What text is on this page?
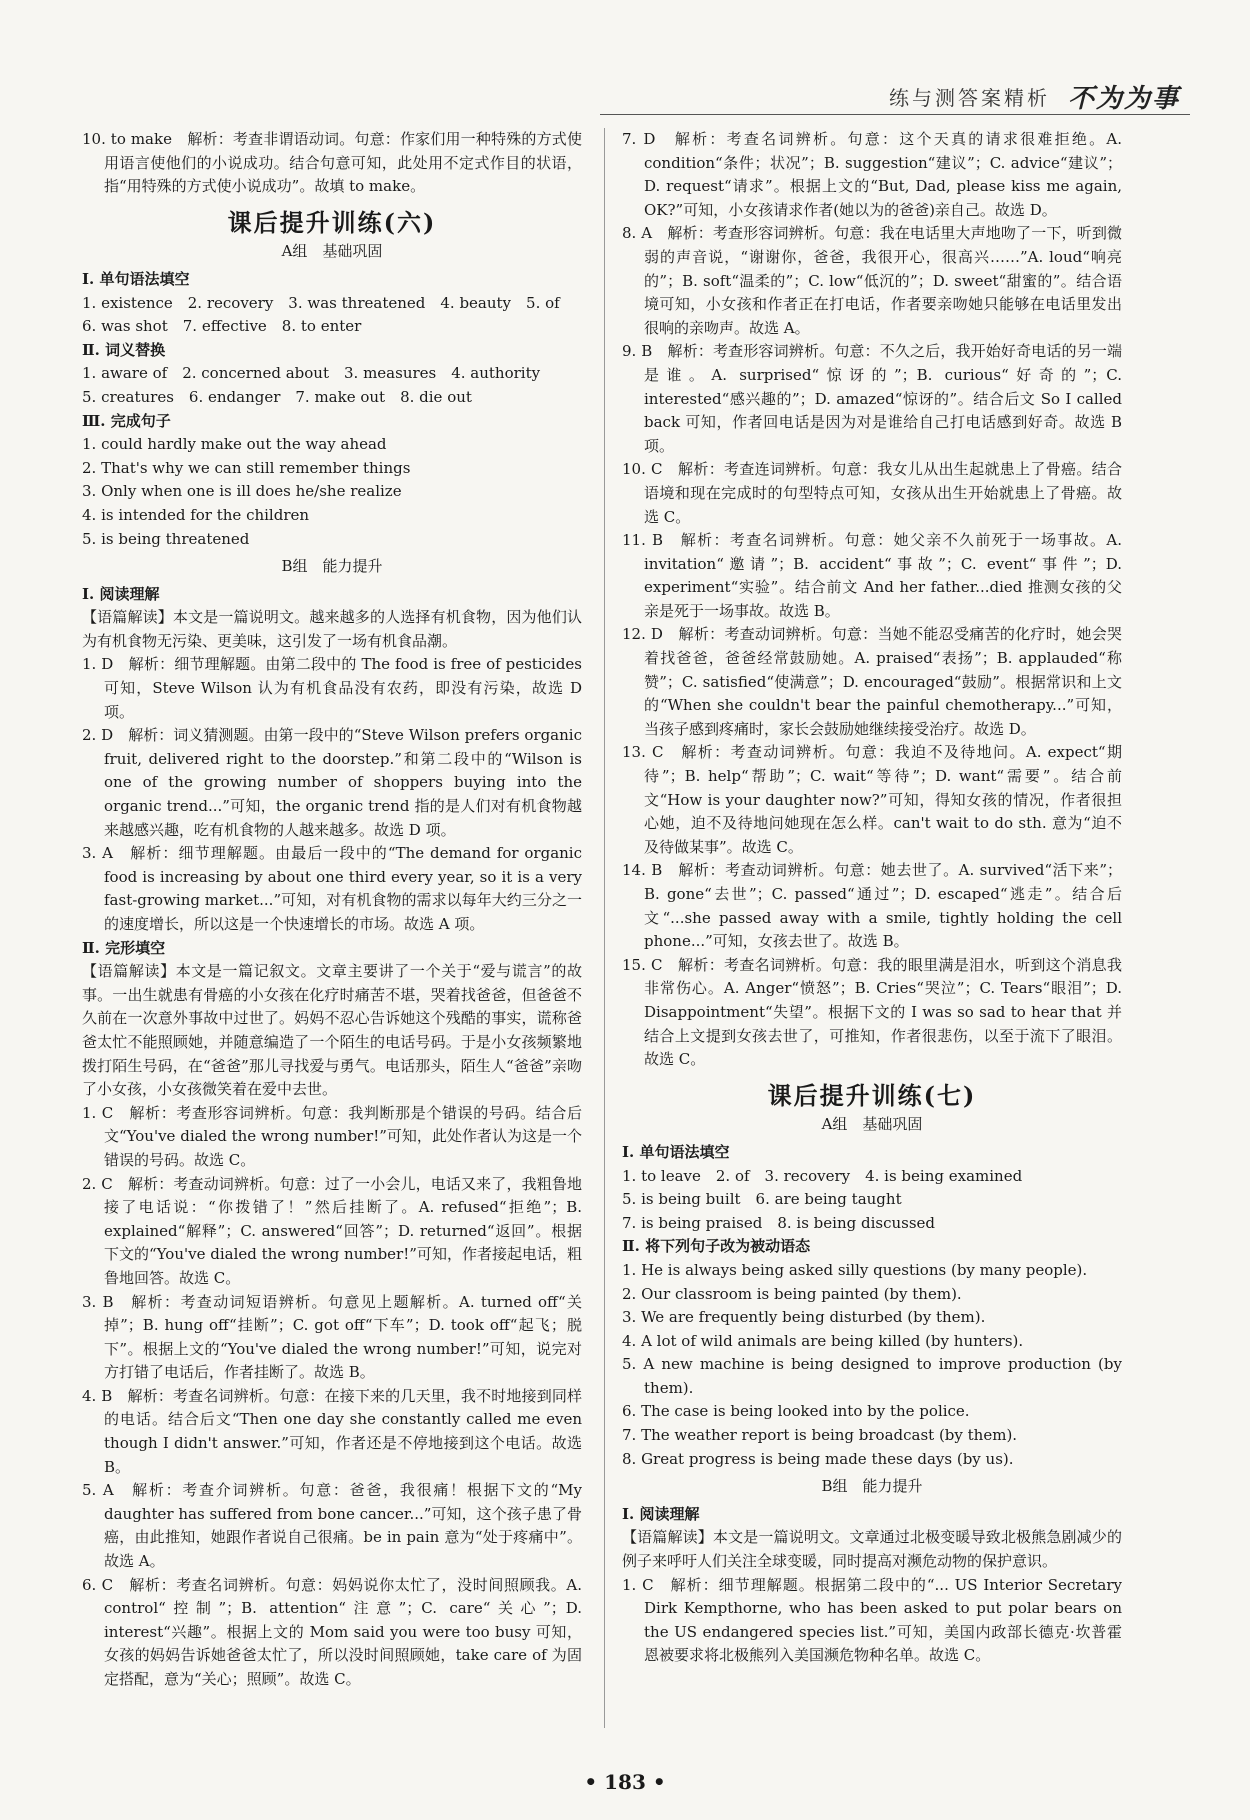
练与测答案精析 不为为事
10. to make　解析：考查非谓语动词。句意：作家们用一种特殊的方式使用语言使他们的小说成功。结合句意可知，此处用不定式作目的状语，指“用特殊的方式使小说成功”。故填 to make。
课后提升训练(六)
A组　基础巩固
Ⅰ. 单句语法填空
1. existence　2. recovery　3. was threatened　4. beauty　5. of
6. was shot　7. effective　8. to enter
Ⅱ. 词义替换
1. aware of　2. concerned about　3. measures　4. authority
5. creatures　6. endanger　7. make out　8. die out
Ⅲ. 完成句子
1. could hardly make out the way ahead
2. That's why we can still remember things
3. Only when one is ill does he/she realize
4. is intended for the children
5. is being threatened
B组　能力提升
Ⅰ. 阅读理解
【语篇解读】本文是一篇说明文。越来越多的人选择有机食物，因为他们认为有机食物无污染、更美味，这引发了一场有机食品潮。
1. D　解析：细节理解题。由第二段中的 The food is free of pesticides 可知，Steve Wilson 认为有机食品没有农药，即没有污染，故选 D 项。
2. D　解析：词义猜测题。由第一段中的“Steve Wilson prefers organic fruit, delivered right to the doorstep.”和第二段中的“Wilson is one of the growing number of shoppers buying into the organic trend...”可知，the organic trend 指的是人们对有机食物越来越感兴趣，吃有机食物的人越来越多。故选 D 项。
3. A　解析：细节理解题。由最后一段中的“The demand for organic food is increasing by about one third every year, so it is a very fast-growing market...”可知，对有机食物的需求以每年大约三分之一的速度增长，所以这是一个快速增长的市场。故选 A 项。
Ⅱ. 完形填空
【语篇解读】本文是一篇记叙文。文章主要讲了一个关于“爱与谎言”的故事。一出生就患有骨癌的小女孩在化疗时痛苦不堪，哭着找爸爸，但爸爸不久前在一次意外事故中过世了。妈妈不忍心告诉她这个残酷的事实，谎称爸爸太忙不能照顾她，并随意编造了一个陌生的电话号码。于是小女孩频繁地拨打陌生号码，在“爸爸”那儿寻找爱与勇气。电话那头，陌生人“爸爸”亲吻了小女孩，小女孩微笑着在爱中去世。
1. C　解析：考查形容词辨析。句意：我判断那是个错误的号码。结合后文“You've dialed the wrong number!”可知，此处作者认为这是一个错误的号码。故选 C。
2. C　解析：考查动词辨析。句意：过了一小会儿，电话又来了，我粗鲁地接了电话说：“你拨错了！”然后挂断了。A. refused“拒绝”；B. explained“解释”；C. answered“回答”；D. returned“返回”。根据下文的“You've dialed the wrong number!”可知，作者接起电话，粗鲁地回答。故选 C。
3. B　解析：考查动词短语辨析。句意见上题解析。A. turned off“关掉”；B. hung off“挂断”；C. got off“下车”；D. took off“起飞；脱下”。根据上文的“You've dialed the wrong number!”可知，说完对方打错了电话后，作者挂断了。故选 B。
4. B　解析：考查名词辨析。句意：在接下来的几天里，我不时地接到同样的电话。结合后文“Then one day she constantly called me even though I didn't answer.”可知，作者还是不停地接到这个电话。故选 B。
5. A　解析：考查介词辨析。句意：爸爸，我很痛！根据下文的“My daughter has suffered from bone cancer...”可知，这个孩子患了骨癌，由此推知，她跟作者说自己很痛。be in pain 意为“处于疼痛中”。故选 A。
6. C　解析：考查名词辨析。句意：妈妈说你太忙了，没时间照顾我。A. control“控制”；B. attention“注意”；C. care“关心”；D. interest“兴趣”。根据上文的 Mom said you were too busy 可知，女孩的妈妈告诉她爸爸太忙了，所以没时间照顾她，take care of 为固定搭配，意为“关心；照顾”。故选 C。
7. D　解析：考查名词辨析。句意：这个天真的请求很难拒绝。A. condition“条件；状况”；B. suggestion“建议”；C. advice“建议”；D. request“请求”。根据上文的“But, Dad, please kiss me again, OK?”可知，小女孩请求作者(她以为的爸爸)亲自己。故选 D。
8. A　解析：考查形容词辨析。句意：我在电话里大声地吻了一下，听到微弱的声音说，“谢谢你，爸爸，我很开心，很高兴……”A. loud“响亮的”；B. soft“温柔的”；C. low“低沉的”；D. sweet“甜蜜的”。结合语境可知，小女孩和作者正在打电话，作者要亲吻她只能够在电话里发出很响的亲吻声。故选 A。
9. B　解析：考查形容词辨析。句意：不久之后，我开始好奇电话的另一端是谁。A. surprised“惊讶的”；B. curious“好奇的”；C. interested“感兴趣的”；D. amazed“惊讶的”。结合后文 So I called back 可知，作者回电话是因为对是谁给自己打电话感到好奇。故选 B 项。
10. C　解析：考查连词辨析。句意：我女儿从出生起就患上了骨癌。结合语境和现在完成时的句型特点可知，女孩从出生开始就患上了骨癌。故选 C。
11. B　解析：考查名词辨析。句意：她父亲不久前死于一场事故。A. invitation“邀请”；B. accident“事故”；C. event“事件”；D. experiment“实验”。结合前文 And her father...died 推测女孩的父亲是死于一场事故。故选 B。
12. D　解析：考查动词辨析。句意：当她不能忍受痛苦的化疗时，她会哭着找爸爸，爸爸经常鼓励她。A. praised“表扬”；B. applauded“称赞”；C. satisfied“使满意”；D. encouraged“鼓励”。根据常识和上文的“When she couldn't bear the painful chemotherapy...”可知，当孩子感到疼痛时，家长会鼓励她继续接受治疗。故选 D。
13. C　解析：考查动词辨析。句意：我迫不及待地问。A. expect“期待”；B. help“帮助”；C. wait“等待”；D. want“需要”。结合前文“How is your daughter now?”可知，得知女孩的情况，作者很担心她，迫不及待地问她现在怎么样。can't wait to do sth. 意为“迫不及待做某事”。故选 C。
14. B　解析：考查动词辨析。句意：她去世了。A. survived“活下来”；B. gone“去世”；C. passed“通过”；D. escaped“逃走”。结合后文“...she passed away with a smile, tightly holding the cell phone...”可知，女孩去世了。故选 B。
15. C　解析：考查名词辨析。句意：我的眼里满是泪水，听到这个消息我非常伤心。A. Anger“愤怒”；B. Cries“哭泣”；C. Tears“眼泪”；D. Disappointment“失望”。根据下文的 I was so sad to hear that 并结合上文提到女孩去世了，可推知，作者很悲伤，以至于流下了眼泪。故选 C。
课后提升训练(七)
A组　基础巩固
Ⅰ. 单句语法填空
1. to leave　2. of　3. recovery　4. is being examined
5. is being built　6. are being taught
7. is being praised　8. is being discussed
Ⅱ. 将下列句子改为被动语态
1. He is always being asked silly questions (by many people).
2. Our classroom is being painted (by them).
3. We are frequently being disturbed (by them).
4. A lot of wild animals are being killed (by hunters).
5. A new machine is being designed to improve production (by them).
6. The case is being looked into by the police.
7. The weather report is being broadcast (by them).
8. Great progress is being made these days (by us).
B组　能力提升
Ⅰ. 阅读理解
【语篇解读】本文是一篇说明文。文章通过北极变暖导致北极熊急剧减少的例子来呼吁人们关注全球变暖，同时提高对濒危动物的保护意识。
1. C　解析：细节理解题。根据第二段中的“... US Interior Secretary Dirk Kempthorne, who has been asked to put polar bears on the US endangered species list.”可知，美国内政部长德克·坎普霍恩被要求将北极熊列入美国濒危物种名单。故选 C。
• 183 •
